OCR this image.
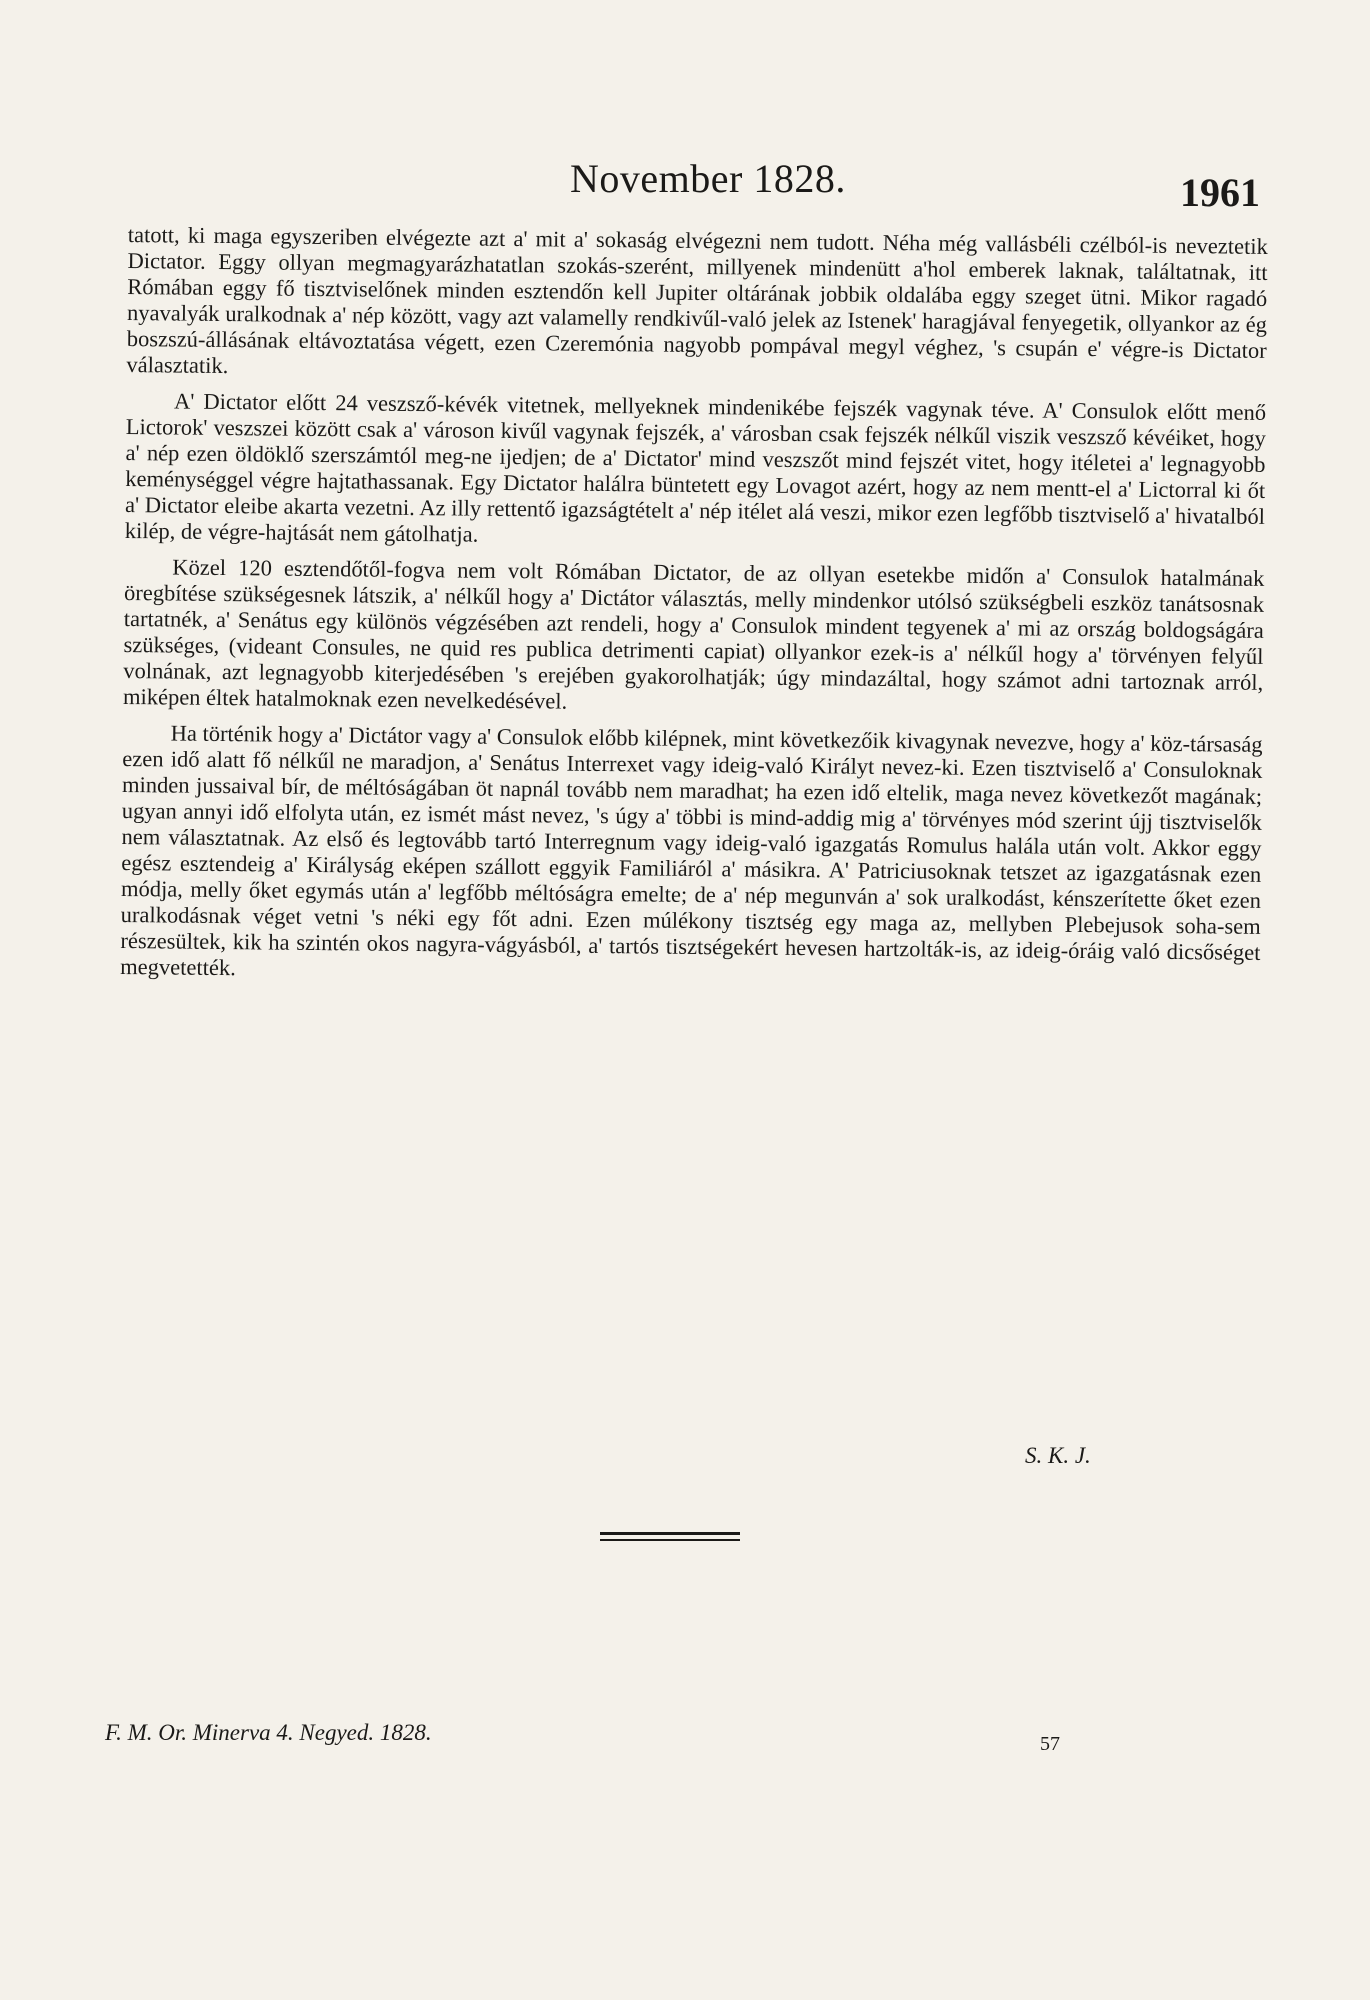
November 1828.	1961

tatott, ki maga egyszeriben elvégezte azt a' mit a' sokaság elvégezni nem tudott. Néha még vallásbéli czélból-is neveztetik Dictator. Eggy ollyan megmagyarázhatatlan szokás-szerént, millyenek mindenütt a'hol emberek laknak, találtatnak, itt Rómában eggy fő tisztviselőnek minden esztendőn kell Jupiter oltárának jobbik oldalába eggy szeget ütni. Mikor ragadó nyavalyák uralkodnak a' nép között, vagy azt valamelly rendkivűl-való jelek az Istenek' haragjával fenyegetik, ollyankor az ég boszszú-állásának eltávoztatása végett, ezen Czeremónia nagyobb pompával megyl véghez, 's csupán e' végre-is Dictator választatik.

A' Dictator előtt 24 veszsző-kévék vitetnek, mellyeknek mindenikébe fejszék vagynak téve. A' Consulok előtt menő Lictorok' veszszei között csak a' városon kivűl vagynak fejszék, a' városban csak fejszék nélkűl viszik veszsző kévéiket, hogy a' nép ezen öldöklő szerszámtól meg-ne ijedjen; de a' Dictator' mind veszszőt mind fejszét vitet, hogy itéletei a' legnagyobb keménységgel végre hajtathassanak. Egy Dictator halálra büntetett egy Lovagot azért, hogy az nem mentt-el a' Lictorral ki őt a' Dictator eleibe akarta vezetni. Az illy rettentő igazságtételt a' nép itélet alá veszi, mikor ezen legfőbb tisztviselő a' hivatalból kilép, de végre-hajtását nem gátolhatja.

Közel 120 esztendőtől-fogva nem volt Rómában Dictator, de az ollyan esetekbe midőn a' Consulok hatalmának öregbítése szükségesnek látszik, a' nélkűl hogy a' Dictátor választás, melly mindenkor utólsó szükségbeli eszköz tanátsosnak tartatnék, a' Senátus egy különös végzésében azt rendeli, hogy a' Consulok mindent tegyenek a' mi az ország boldogságára szükséges, (videant Consules, ne quid res publica detrimenti capiat) ollyankor ezek-is a' nélkűl hogy a' törvényen felyűl volnának, azt legnagyobb kiterjedésében 's erejében gyakorolhatják; úgy mindazáltal, hogy számot adni tartoznak arról, miképen éltek hatalmoknak ezen nevelkedésével.

Ha történik hogy a' Dictátor vagy a' Consulok előbb kilépnek, mint következőik kivagynak nevezve, hogy a' köz-társaság ezen idő alatt fő nélkűl ne maradjon, a' Senátus Interrexet vagy ideig-való Királyt nevez-ki. Ezen tisztviselő a' Consuloknak minden jussaival bír, de méltóságában öt napnál tovább nem maradhat; ha ezen idő eltelik, maga nevez következőt magának; ugyan annyi idő elfolyta után, ez ismét mást nevez, 's úgy a' többi is mind-addig mig a' törvényes mód szerint újj tisztviselők nem választatnak. Az első és legtovább tartó Interregnum vagy ideig-való igazgatás Romulus halála után volt. Akkor eggy egész esztendeig a' Királyság eképen szállott eggyik Familiáról a' másikra. A' Patriciusoknak tetszet az igazgatásnak ezen módja, melly őket egymás után a' legfőbb méltóságra emelte; de a' nép megunván a' sok uralkodást, kénszerítette őket ezen uralkodásnak véget vetni 's néki egy főt adni. Ezen múlékony tisztség egy maga az, mellyben Plebejusok soha-sem részesültek, kik ha szintén okos nagyra-vágyásból, a' tartós tisztségekért hevesen hartzolták-is, az ideig-óráig való dicsőséget megvetették.

S. K. J.
F. M. Or. Minerva 4. Negyed. 1828.	57
